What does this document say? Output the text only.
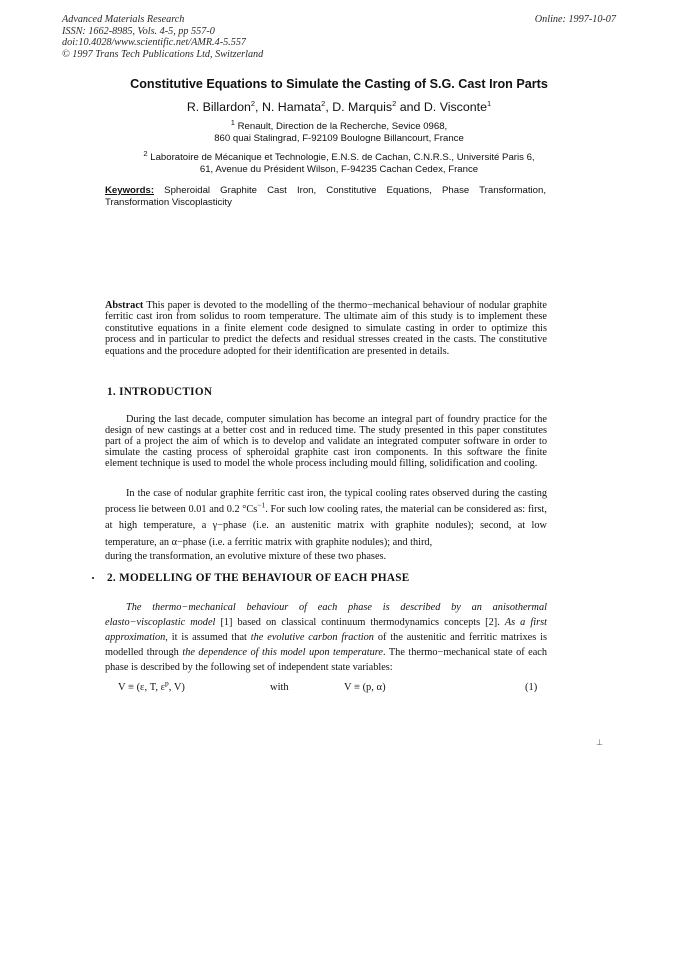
Advanced Materials Research
ISSN: 1662-8985, Vols. 4-5, pp 557-0
doi:10.4028/www.scientific.net/AMR.4-5.557
© 1997 Trans Tech Publications Ltd, Switzerland
Online: 1997-10-07
Constitutive Equations to Simulate the Casting of S.G. Cast Iron Parts
R. Billardon$^2$, N. Hamata$^2$, D. Marquis$^2$ and D. Visconte$^1$
$^1$ Renault, Direction de la Recherche, Sevice 0968,
860 quai Stalingrad, F-92109 Boulogne Billancourt, France
$^2$ Laboratoire de Mécanique et Technologie, E.N.S. de Cachan, C.N.R.S., Université Paris 6,
61, Avenue du Président Wilson, F-94235 Cachan Cedex, France
Keywords: Spheroidal Graphite Cast Iron, Constitutive Equations, Phase Transformation, Transformation Viscoplasticity
Abstract This paper is devoted to the modelling of the thermo−mechanical behaviour of nodular graphite ferritic cast iron from solidus to room temperature. The ultimate aim of this study is to implement these constitutive equations in a finite element code designed to simulate casting in order to optimize this process and in particular to predict the defects and residual stresses created in the casts. The constitutive equations and the procedure adopted for their identification are presented in details.
1. INTRODUCTION

During the last decade, computer simulation has become an integral part of foundry practice for the design of new castings at a better cost and in reduced time. The study presented in this paper constitutes part of a project the aim of which is to develop and validate an integrated computer software in order to simulate the casting process of spheroidal graphite cast iron components. In this software the finite element technique is used to model the whole process including mould filling, solidification and cooling.

In the case of nodular graphite ferritic cast iron, the typical cooling rates observed during the casting process lie between 0.01 and 0.2 $^\circ Cs^{-1}$. For such low cooling rates, the material can be considered as: first, at high temperature, a γ−phase (i.e. an austenitic matrix with graphite nodules); second, at low temperature, an α−phase (i.e. a ferritic matrix with graphite nodules); and third,
during the transformation, an evolutive mixture of these two phases.
2. MODELLING OF THE BEHAVIOUR OF EACH PHASE
The thermo−mechanical behaviour of each phase is described by an anisothermal elasto−viscoplastic model [1] based on classical continuum thermodynamics concepts [2]. As a first approximation, it is assumed that the evolutive carbon fraction of the austenitic and ferritic matrixes is modelled through the dependence of this model upon temperature. The thermo−mechanical state of each phase is described by the following set of independent state variables:
V ≡ (ε, T, $\varepsilon^p$, V)	with	V ≡ (p, α)	(1)
⊥
